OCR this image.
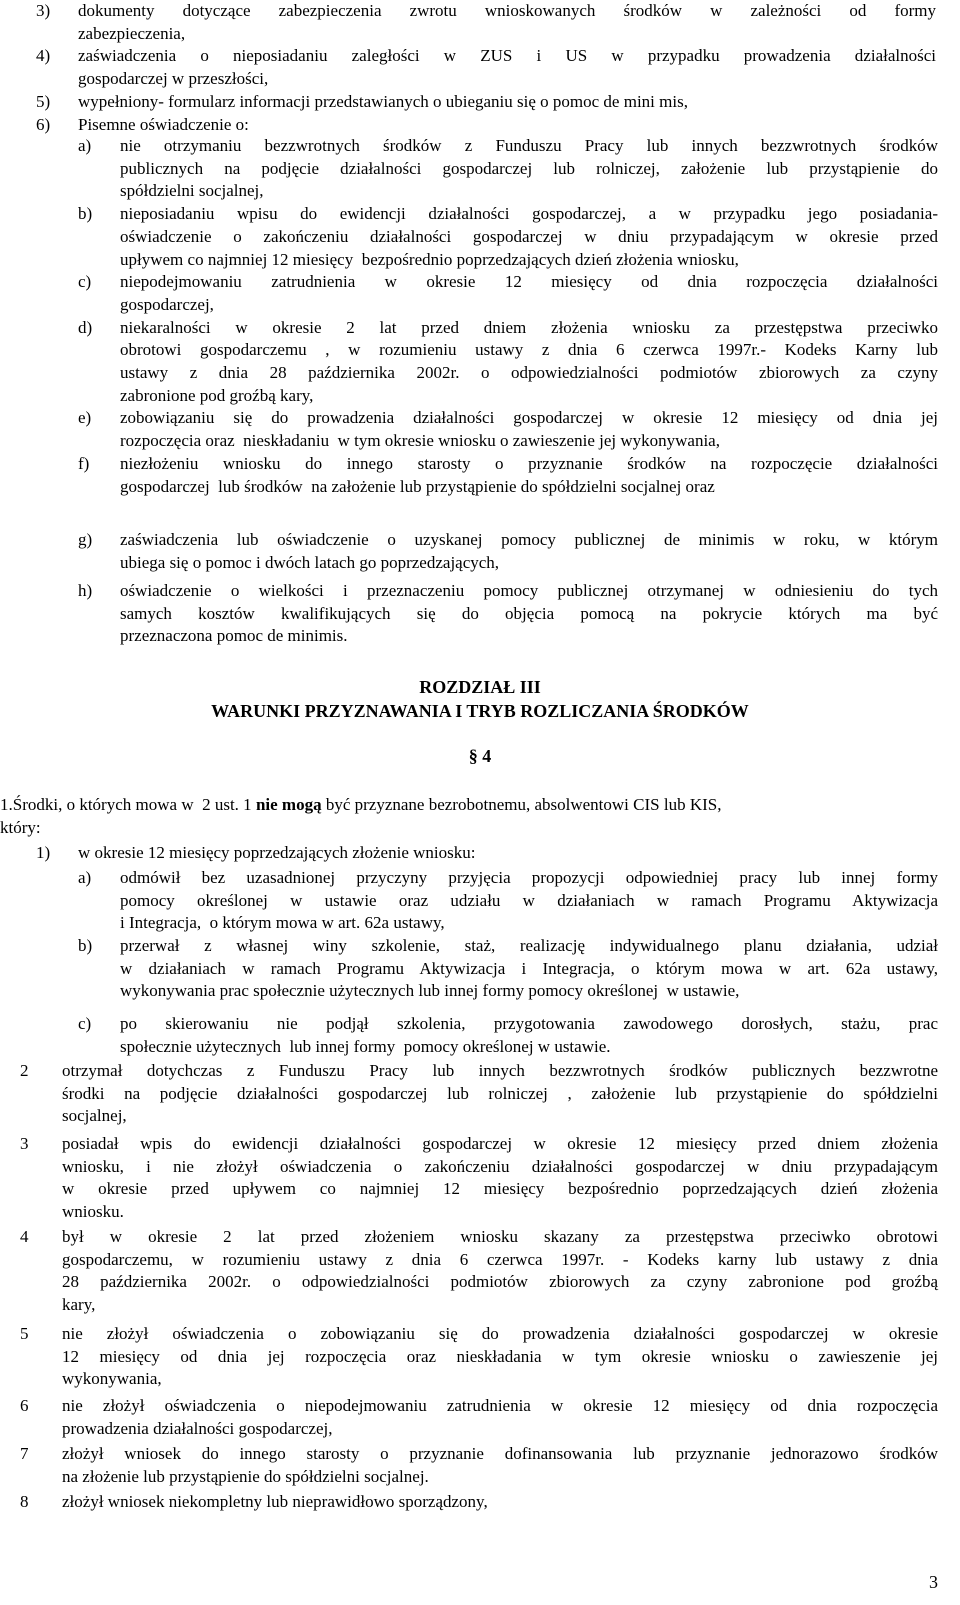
3) dokumenty dotyczące zabezpieczenia zwrotu wnioskowanych środków w zależności od formy
zabezpieczenia,
4) zaświadczenia o nieposiadaniu zaległości w ZUS i US w przypadku prowadzenia działalności
gospodarczej w przeszłości,
5) wypełniony- formularz informacji przedstawianych o ubieganiu się o pomoc de mini mis,
6) Pisemne oświadczenie o:
a) nie otrzymaniu bezzwrotnych środków z Funduszu Pracy lub innych bezzwrotnych środków
publicznych na podjęcie działalności gospodarczej lub rolniczej, założenie lub przystąpienie do
spółdzielni socjalnej,
b) nieposiadaniu wpisu do ewidencji działalności gospodarczej, a w przypadku jego posiadania-
oświadczenie o zakończeniu działalności gospodarczej w dniu przypadającym w okresie przed
upływem co najmniej 12 miesięcy  bezpośrednio poprzedzających dzień złożenia wniosku,
c) niepodejmowaniu zatrudnienia w okresie 12 miesięcy od dnia rozpoczęcia działalności
gospodarczej,
d) niekaralności w okresie 2 lat przed dniem złożenia wniosku za przestępstwa przeciwko
obrotowi gospodarczemu , w rozumieniu ustawy z dnia 6 czerwca 1997r.- Kodeks Karny lub
ustawy z dnia 28 października 2002r. o odpowiedzialności podmiotów zbiorowych za czyny
zabronione pod groźbą kary,
e) zobowiązaniu się do prowadzenia działalności gospodarczej w okresie 12 miesięcy od dnia jej
rozpoczęcia oraz  niesk​ładaniu  w tym okresie wniosku o zawieszenie jej wykonywania,
f) niezłożeniu wniosku do innego starosty o przyznanie środków na rozpoczęcie działalności
gospodarczej  lub środków  na założenie lub przystąpienie do spółdzielni socjalnej oraz
g) zaświadczenia lub oświadczenie o uzyskanej pomocy publicznej de minimis w roku, w którym
ubiega się o pomoc i dwóch latach go poprzedzających,
h) oświadczenie o wielkości i przeznaczeniu pomocy publicznej otrzymanej w odniesieniu do tych
samych kosztów kwalifikujących się do objęcia pomocą na pokrycie których ma być
przeznaczona pomoc de minimis.
ROZDZIAŁ III
WARUNKI PRZYZNAWANIA I TRYB ROZLICZANIA ŚRODKÓW
§ 4
1.Środki, o których mowa w  2 ust. 1 nie mogą być przyznane bezrobotnemu, absolwentowi CIS lub KIS,
który:
1) w okresie 12 miesięcy poprzedzających złożenie wniosku:
a) odmówił bez uzasadnionej przyczyny przyjęcia propozycji odpowiedniej pracy lub innej formy
pomocy określonej w ustawie oraz udziału w działaniach w ramach Programu Aktywizacja
i Integracja,  o którym mowa w art. 62a ustawy,
b) przerwał z własnej winy szkolenie, staż, realizację indywidualnego planu działania, udział
w działaniach w ramach Programu Aktywizacja i Integracja, o którym mowa w art. 62a ustawy,
wykonywania prac społecznie użytecznych lub innej formy pomocy określonej  w ustawie,
c) po skierowaniu nie podjął szkolenia, przygotowania zawodowego dorosłych, stażu, prac
społecznie użytecznych  lub innej formy  pomocy określonej w ustawie.
2 otrzymał dotychczas z Funduszu Pracy lub innych bezzwrotnych środków publicznych bezzwrotne
środki na podjęcie działalności gospodarczej lub rolniczej , założenie lub przystąpienie do spółdzielni
socjalnej,
3 posiadał wpis do ewidencji działalności gospodarczej w okresie 12 miesięcy przed dniem złożenia
wniosku, i nie złożył oświadczenia o zakończeniu działalności gospodarczej w dniu przypadającym
w okresie przed upływem co najmniej 12 miesięcy bezpośrednio poprzedzających dzień złożenia
wniosku.
4 był w okresie 2 lat przed złożeniem wniosku skazany za przestępstwa przeciwko obrotowi
gospodarczemu, w rozumieniu ustawy z dnia 6 czerwca 1997r. - Kodeks karny lub ustawy z dnia
28 października 2002r. o odpowiedzialności podmiotów zbiorowych za czyny zabronione pod groźbą
kary,
5 nie złożył oświadczenia o zobowiązaniu się do prowadzenia działalności gospodarczej w okresie
12 miesięcy od dnia jej rozpoczęcia oraz niesk​ładania w tym okresie wniosku o zawieszenie jej
wykonywania,
6 nie złożył oświadczenia o niepodejmowaniu zatrudnienia w okresie 12 miesięcy od dnia rozpoczęcia
prowadzenia działalności gospodarczej,
7 złożył wniosek do innego starosty o przyznanie dofinansowania lub przyznanie jednorazowo środków
na złożenie lub przystąpienie do spółdzielni socjalnej.
8 złożył wniosek niekompletny lub nieprawidłowo sporządzony,
3
